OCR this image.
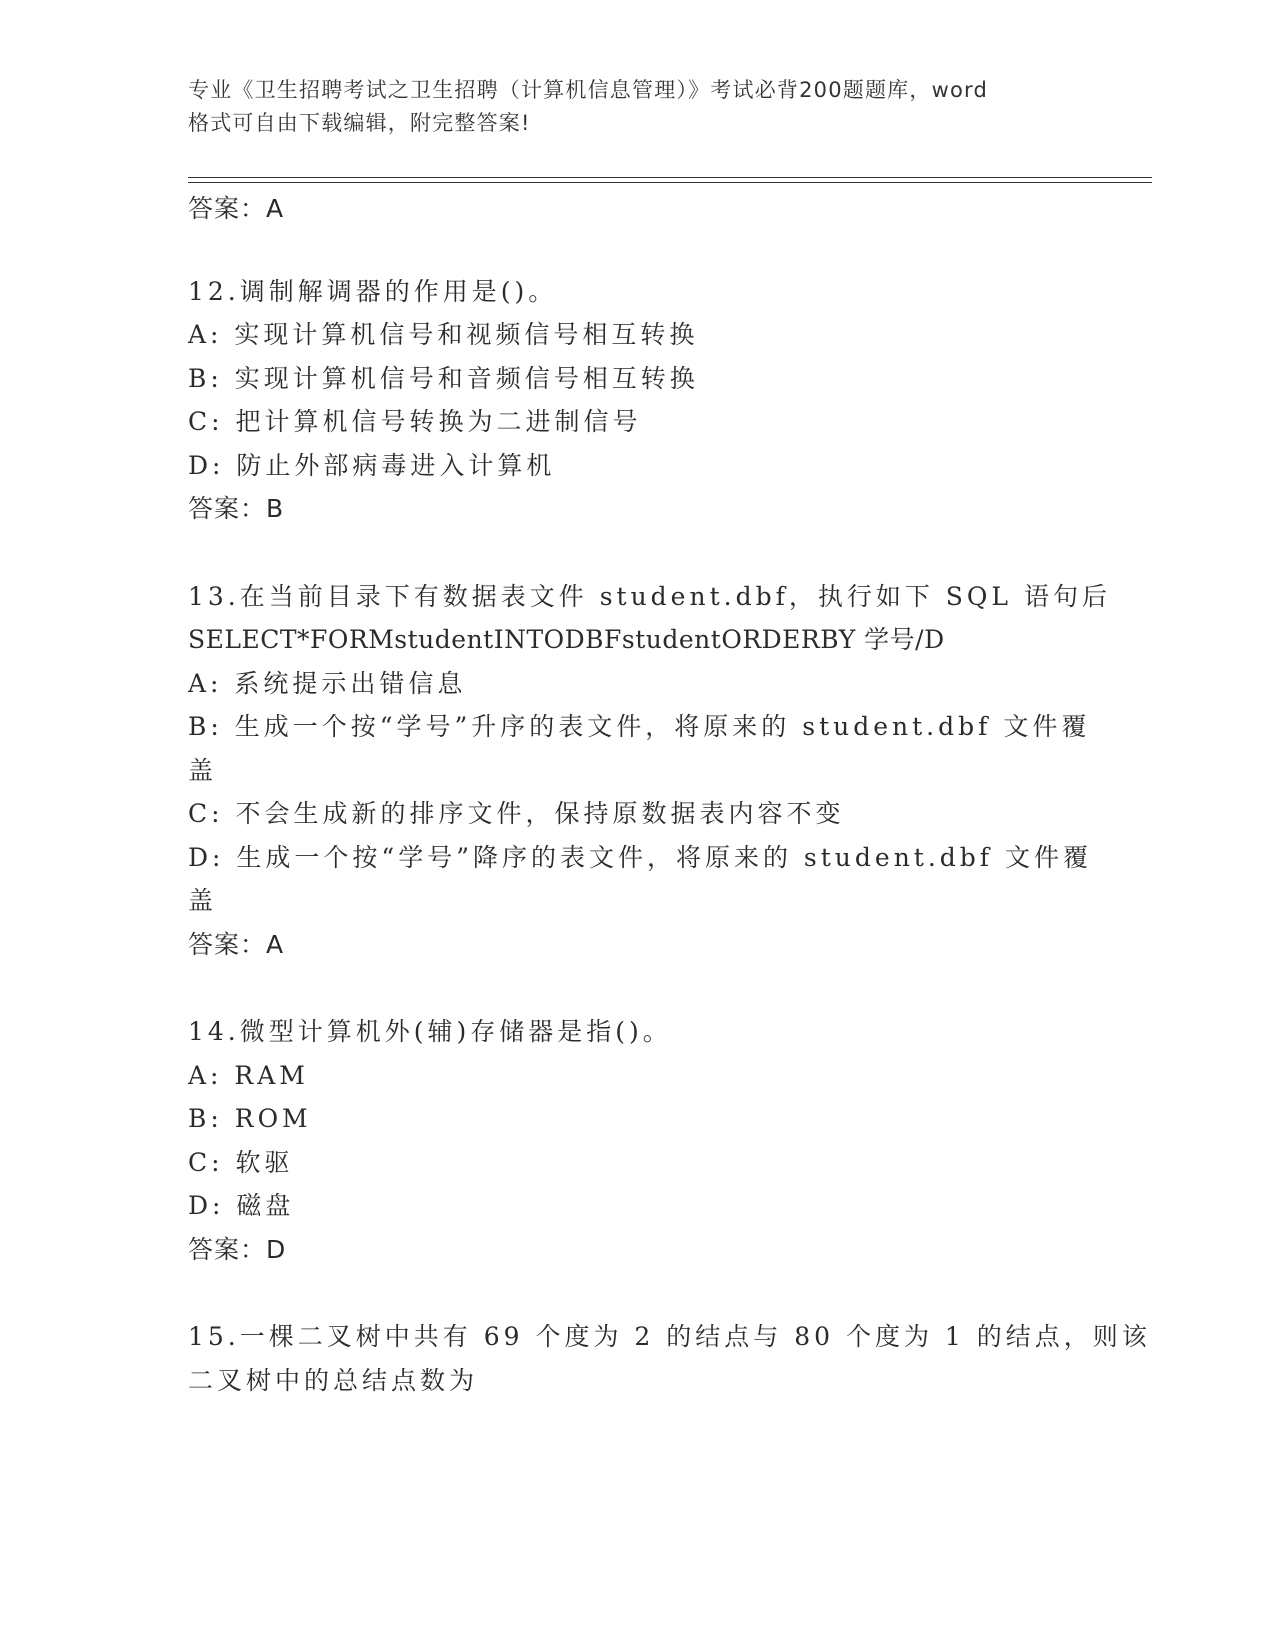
专业《卫生招聘考试之卫生招聘（计算机信息管理）》考试必背200题题库，word
格式可自由下载编辑，附完整答案!
答案：A
12.调制解调器的作用是()。
A: 实现计算机信号和视频信号相互转换
B: 实现计算机信号和音频信号相互转换
C: 把计算机信号转换为二进制信号
D: 防止外部病毒进入计算机
答案：B
13.在当前目录下有数据表文件 student.dbf，执行如下 SQL 语句后
SELECT*FORMstudentINTODBFstudentORDERBY 学号/D
A: 系统提示出错信息
B: 生成一个按“学号”升序的表文件，将原来的 student.dbf 文件覆
盖
C: 不会生成新的排序文件，保持原数据表内容不变
D: 生成一个按“学号”降序的表文件，将原来的 student.dbf 文件覆
盖
答案：A
14.微型计算机外(辅)存储器是指()。
A: RAM
B: ROM
C: 软驱
D: 磁盘
答案：D
15.一棵二叉树中共有 69 个度为 2 的结点与 80 个度为 1 的结点，则该
二叉树中的总结点数为
